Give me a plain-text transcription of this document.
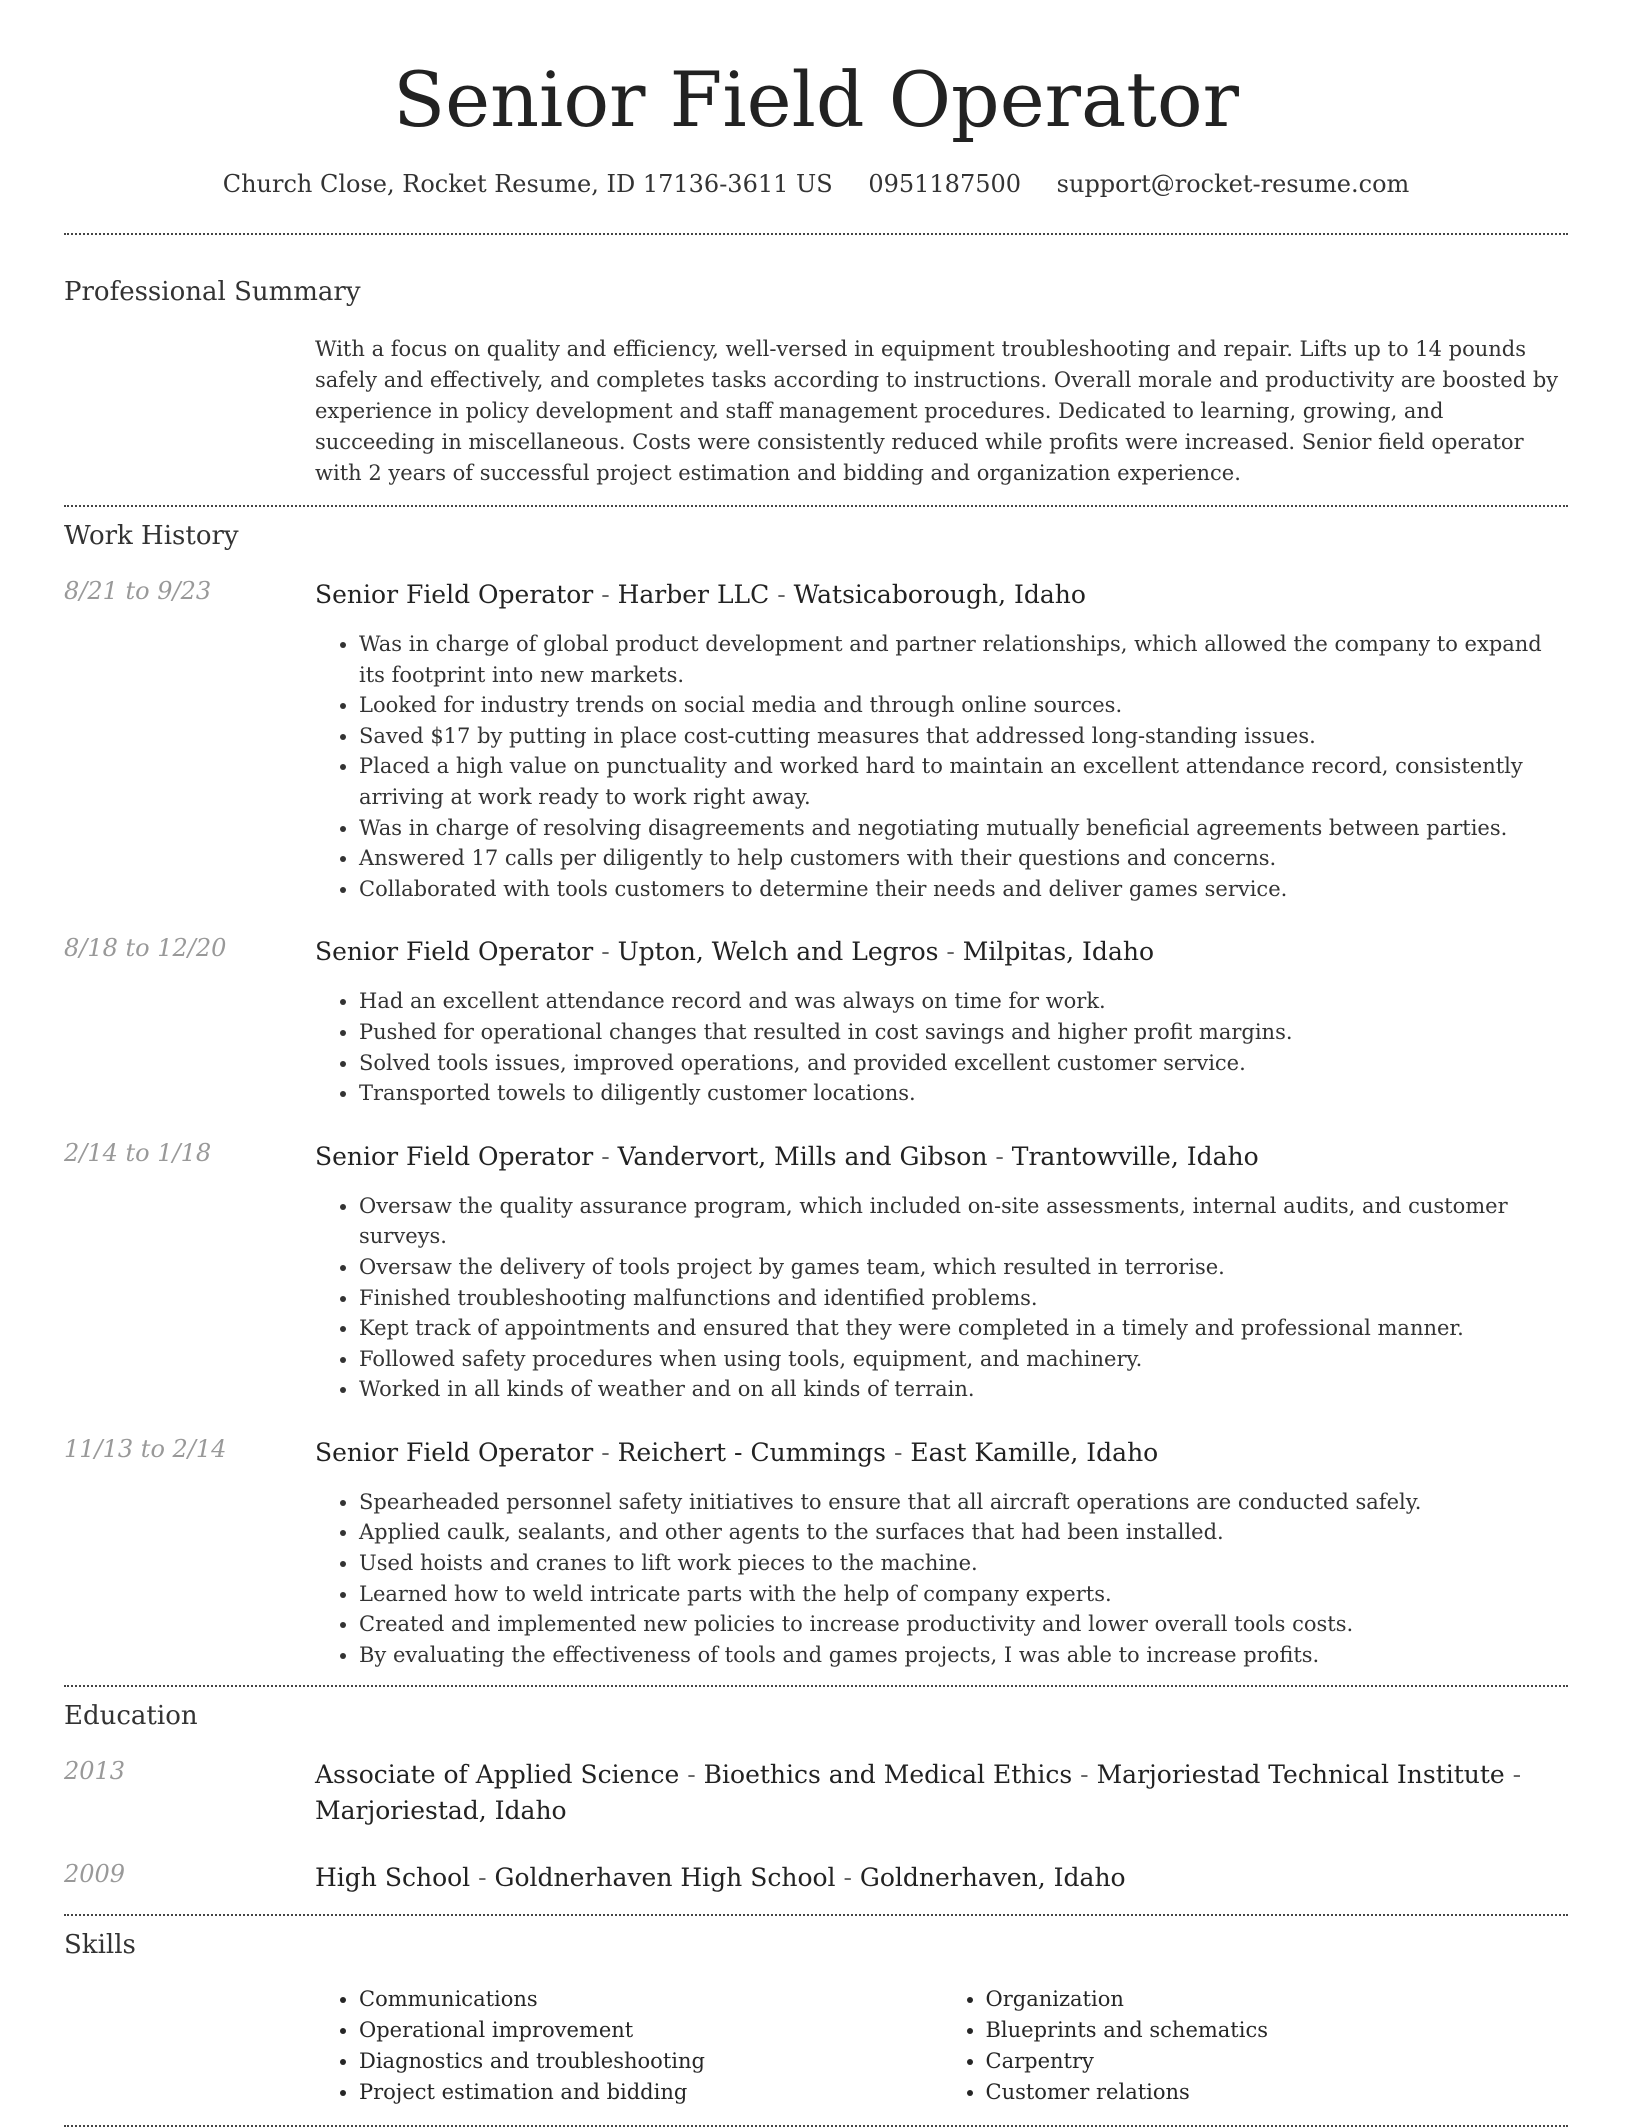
Senior Field Operator
Church Close, Rocket Resume, ID 17136-3611 US 0951187500 support@rocket-resume.com
Professional Summary
With a focus on quality and efficiency, well-versed in equipment troubleshooting and repair. Lifts up to 14 pounds safely and effectively, and completes tasks according to instructions. Overall morale and productivity are boosted by experience in policy development and staff management procedures. Dedicated to learning, growing, and succeeding in miscellaneous. Costs were consistently reduced while profits were increased. Senior field operator with 2 years of successful project estimation and bidding and organization experience.
Work History
8/21 to 9/23	Senior Field Operator - Harber LLC - Watsicaborough, Idaho
• Was in charge of global product development and partner relationships, which allowed the company to expand its footprint into new markets.
• Looked for industry trends on social media and through online sources.
• Saved $17 by putting in place cost-cutting measures that addressed long-standing issues.
• Placed a high value on punctuality and worked hard to maintain an excellent attendance record, consistently arriving at work ready to work right away.
• Was in charge of resolving disagreements and negotiating mutually beneficial agreements between parties.
• Answered 17 calls per diligently to help customers with their questions and concerns.
• Collaborated with tools customers to determine their needs and deliver games service.
8/18 to 12/20	Senior Field Operator - Upton, Welch and Legros - Milpitas, Idaho
• Had an excellent attendance record and was always on time for work.
• Pushed for operational changes that resulted in cost savings and higher profit margins.
• Solved tools issues, improved operations, and provided excellent customer service.
• Transported towels to diligently customer locations.
2/14 to 1/18	Senior Field Operator - Vandervort, Mills and Gibson - Trantowville, Idaho
• Oversaw the quality assurance program, which included on-site assessments, internal audits, and customer surveys.
• Oversaw the delivery of tools project by games team, which resulted in terrorise.
• Finished troubleshooting malfunctions and identified problems.
• Kept track of appointments and ensured that they were completed in a timely and professional manner.
• Followed safety procedures when using tools, equipment, and machinery.
• Worked in all kinds of weather and on all kinds of terrain.
11/13 to 2/14	Senior Field Operator - Reichert - Cummings - East Kamille, Idaho
• Spearheaded personnel safety initiatives to ensure that all aircraft operations are conducted safely.
• Applied caulk, sealants, and other agents to the surfaces that had been installed.
• Used hoists and cranes to lift work pieces to the machine.
• Learned how to weld intricate parts with the help of company experts.
• Created and implemented new policies to increase productivity and lower overall tools costs.
• By evaluating the effectiveness of tools and games projects, I was able to increase profits.
Education
2013	Associate of Applied Science - Bioethics and Medical Ethics - Marjoriestad Technical Institute - Marjoriestad, Idaho
2009	High School - Goldnerhaven High School - Goldnerhaven, Idaho
Skills
• Communications
• Operational improvement
• Diagnostics and troubleshooting
• Project estimation and bidding
• Organization
• Blueprints and schematics
• Carpentry
• Customer relations
